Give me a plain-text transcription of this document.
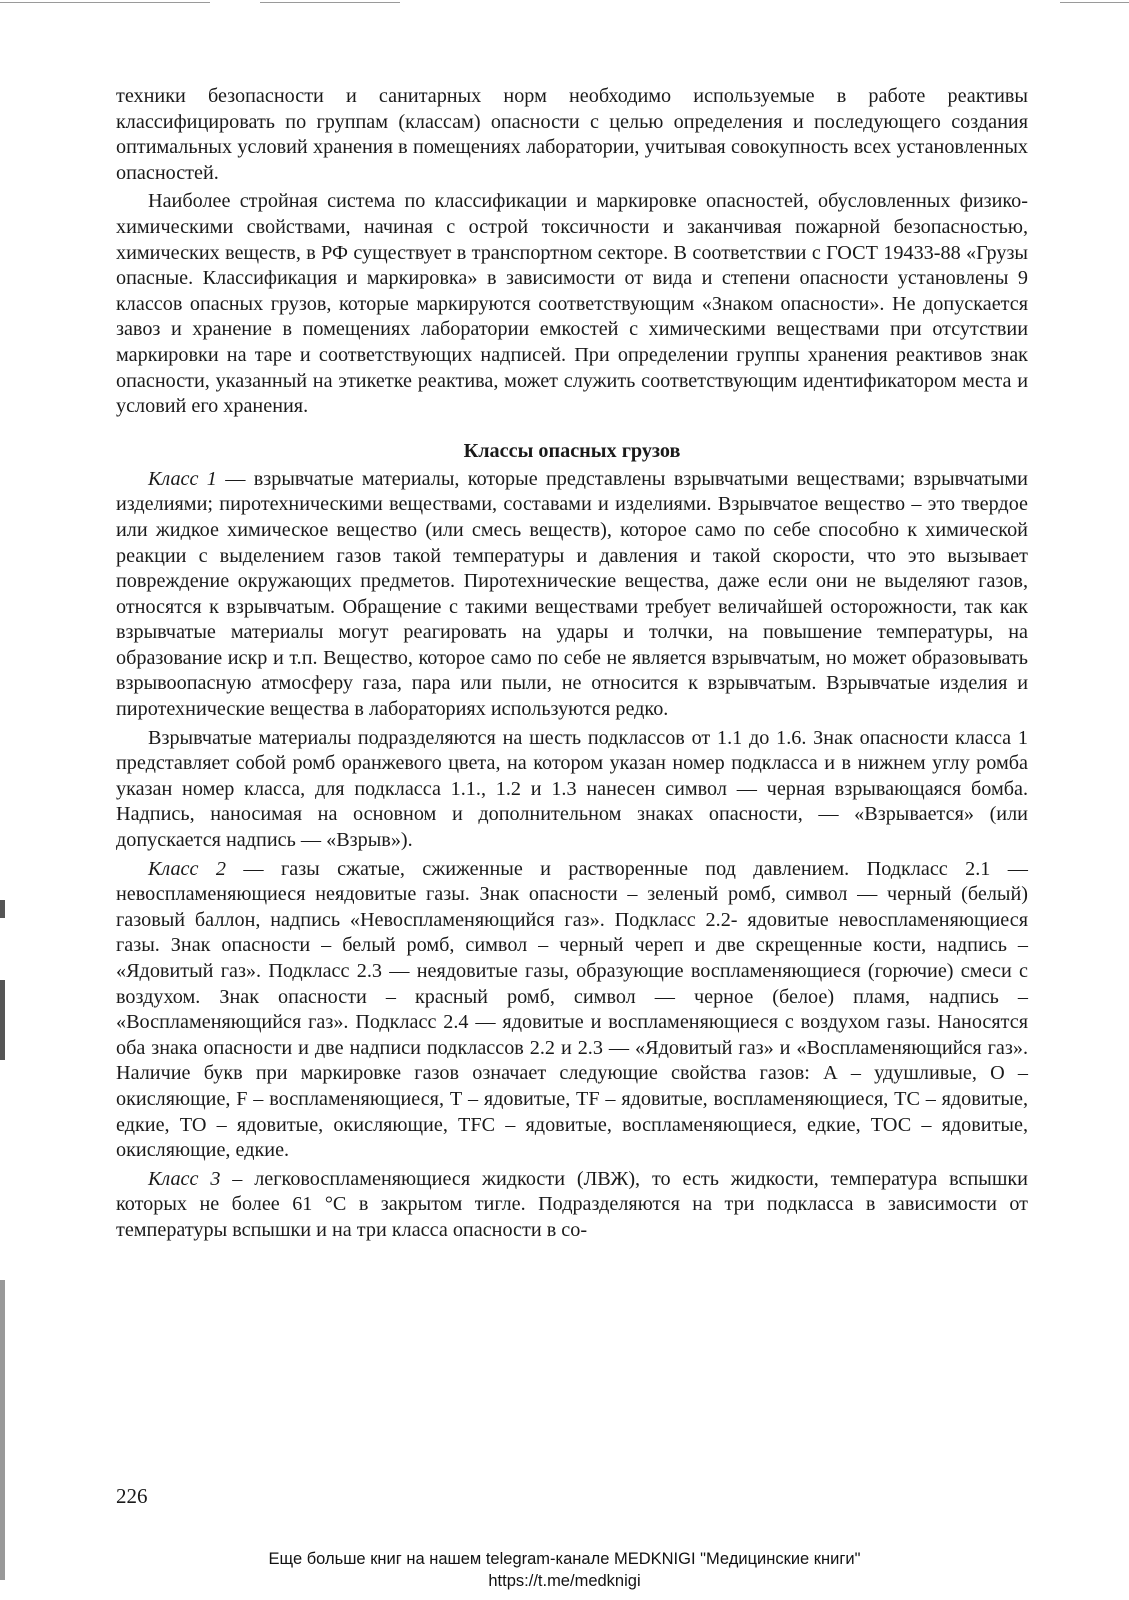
техники безопасности и санитарных норм необходимо используемые в работе реактивы классифицировать по группам (классам) опасности с целью определения и последующего создания оптимальных условий хранения в помещениях лаборатории, учитывая совокупность всех установленных опасностей.

Наиболее стройная система по классификации и маркировке опасностей, обусловленных физико-химическими свойствами, начиная с острой токсичности и заканчивая пожарной безопасностью, химических веществ, в РФ существует в транспортном секторе. В соответствии с ГОСТ 19433-88 «Грузы опасные. Классификация и маркировка» в зависимости от вида и степени опасности установлены 9 классов опасных грузов, которые маркируются соответствующим «Знаком опасности». Не допускается завоз и хранение в помещениях лаборатории емкостей с химическими веществами при отсутствии маркировки на таре и соответствующих надписей. При определении группы хранения реактивов знак опасности, указанный на этикетке реактива, может служить соответствующим идентификатором места и условий его хранения.

Классы опасных грузов

Класс 1 — взрывчатые материалы, которые представлены взрывчатыми веществами; взрывчатыми изделиями; пиротехническими веществами, составами и изделиями. Взрывчатое вещество – это твердое или жидкое химическое вещество (или смесь веществ), которое само по себе способно к химической реакции с выделением газов такой температуры и давления и такой скорости, что это вызывает повреждение окружающих предметов. Пиротехнические вещества, даже если они не выделяют газов, относятся к взрывчатым. Обращение с такими веществами требует величайшей осторожности, так как взрывчатые материалы могут реагировать на удары и толчки, на повышение температуры, на образование искр и т.п. Вещество, которое само по себе не является взрывчатым, но может образовывать взрывоопасную атмосферу газа, пара или пыли, не относится к взрывчатым. Взрывчатые изделия и пиротехнические вещества в лабораториях используются редко.

Взрывчатые материалы подразделяются на шесть подклассов от 1.1 до 1.6. Знак опасности класса 1 представляет собой ромб оранжевого цвета, на котором указан номер подкласса и в нижнем углу ромба указан номер класса, для подкласса 1.1., 1.2 и 1.3 нанесен символ — черная взрывающаяся бомба. Надпись, наносимая на основном и дополнительном знаках опасности, — «Взрывается» (или допускается надпись — «Взрыв»).

Класс 2 — газы сжатые, сжиженные и растворенные под давлением. Подкласс 2.1 — невоспламеняющиеся неядовитые газы. Знак опасности – зеленый ромб, символ — черный (белый) газовый баллон, надпись «Невоспламеняющийся газ». Подкласс 2.2- ядовитые невоспламеняющиеся газы. Знак опасности – белый ромб, символ – черный череп и две скрещенные кости, надпись – «Ядовитый газ». Подкласс 2.3 — неядовитые газы, образующие воспламеняющиеся (горючие) смеси с воздухом. Знак опасности – красный ромб, символ — черное (белое) пламя, надпись – «Воспламеняющийся газ». Подкласс 2.4 — ядовитые и воспламеняющиеся с воздухом газы. Наносятся оба знака опасности и две надписи подклассов 2.2 и 2.3 — «Ядовитый газ» и «Воспламеняющийся газ». Наличие букв при маркировке газов означает следующие свойства газов: А – удушливые, О – окисляющие, F – воспламеняющиеся, Т – ядовитые, TF – ядовитые, воспламеняющиеся, ТС – ядовитые, едкие, ТО – ядовитые, окисляющие, TFC – ядовитые, воспламеняющиеся, едкие, ТОС – ядовитые, окисляющие, едкие.

Класс 3 – легковоспламеняющиеся жидкости (ЛВЖ), то есть жидкости, температура вспышки которых не более 61 °С в закрытом тигле. Подразделяются на три подкласса в зависимости от температуры вспышки и на три класса опасности в со-

226
Еще больше книг на нашем telegram-канале MEDKNIGI "Медицинские книги"
https://t.me/medknigi
